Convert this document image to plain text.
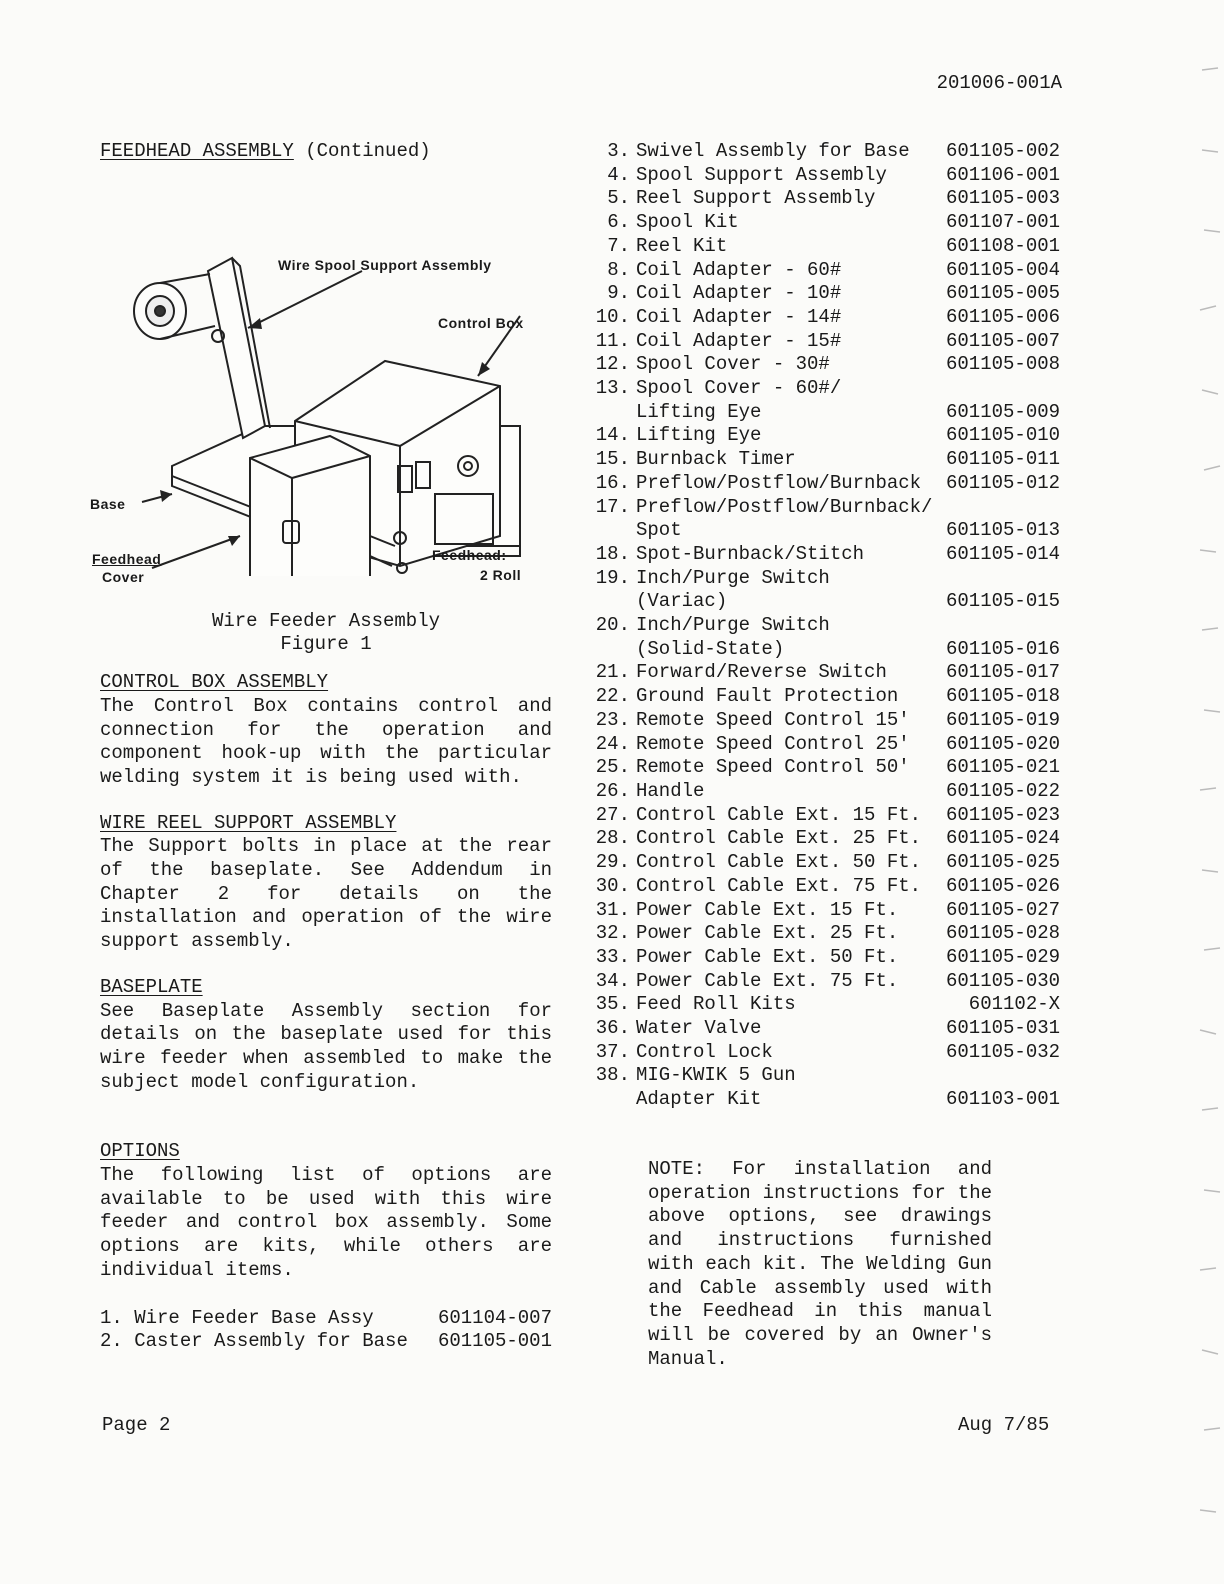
201006-001A
FEEDHEAD ASSEMBLY (Continued)
Wire Spool Support Assembly
Control Box
Base
Feedhead
Cover
Feedhead:
2 Roll
Wire Feeder Assembly
Figure 1
CONTROL BOX ASSEMBLY
The Control Box contains control and connection for the operation and component hook-up with the particular welding system it is being used with.
WIRE REEL SUPPORT ASSEMBLY
The Support bolts in place at the rear of the baseplate. See Addendum in Chapter 2 for details on the installation and operation of the wire support assembly.
BASEPLATE
See Baseplate Assembly section for details on the baseplate used for this wire feeder when assembled to make the subject model configuration.
OPTIONS
The following list of options are available to be used with this wire feeder and control box assembly. Some options are kits, while others are individual items.
1. Wire Feeder Base Assy	601104-007
2. Caster Assembly for Base	601105-001
3. Swivel Assembly for Base	601105-002
4. Spool Support Assembly	601106-001
5. Reel Support Assembly	601105-003
6. Spool Kit	601107-001
7. Reel Kit	601108-001
8. Coil Adapter - 60#	601105-004
9. Coil Adapter - 10#	601105-005
10. Coil Adapter - 14#	601105-006
11. Coil Adapter - 15#	601105-007
12. Spool Cover - 30#	601105-008
13. Spool Cover - 60#/
Lifting Eye	601105-009
14. Lifting Eye	601105-010
15. Burnback Timer	601105-011
16. Preflow/Postflow/Burnback	601105-012
17. Preflow/Postflow/Burnback/
Spot	601105-013
18. Spot-Burnback/Stitch	601105-014
19. Inch/Purge Switch
(Variac)	601105-015
20. Inch/Purge Switch
(Solid-State)	601105-016
21. Forward/Reverse Switch	601105-017
22. Ground Fault Protection	601105-018
23. Remote Speed Control 15'	601105-019
24. Remote Speed Control 25'	601105-020
25. Remote Speed Control 50'	601105-021
26. Handle	601105-022
27. Control Cable Ext. 15 Ft.	601105-023
28. Control Cable Ext. 25 Ft.	601105-024
29. Control Cable Ext. 50 Ft.	601105-025
30. Control Cable Ext. 75 Ft.	601105-026
31. Power Cable Ext. 15 Ft.	601105-027
32. Power Cable Ext. 25 Ft.	601105-028
33. Power Cable Ext. 50 Ft.	601105-029
34. Power Cable Ext. 75 Ft.	601105-030
35. Feed Roll Kits	601102-X
36. Water Valve	601105-031
37. Control Lock	601105-032
38. MIG-KWIK 5 Gun
Adapter Kit	601103-001
NOTE: For installation and operation instructions for the above options, see drawings and instructions furnished with each kit. The Welding Gun and Cable assembly used with the Feedhead in this manual will be covered by an Owner's Manual.
Page 2	Aug 7/85
